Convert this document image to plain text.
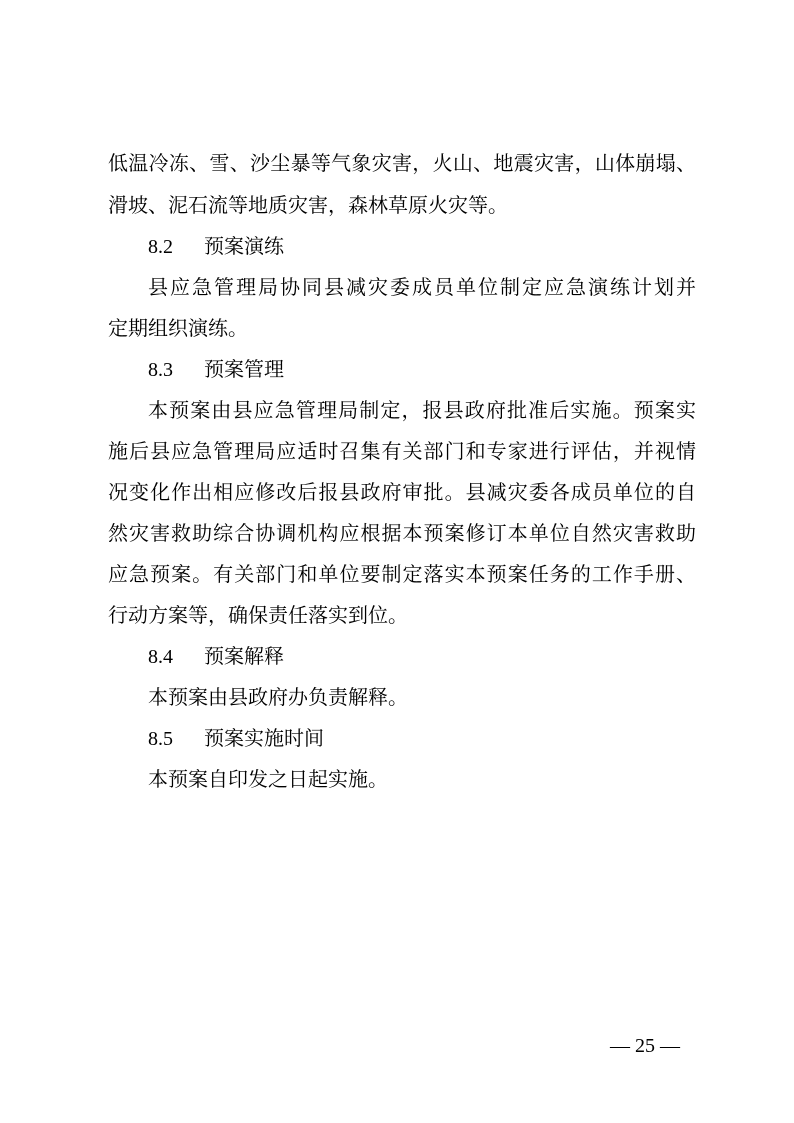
低温冷冻、雪、沙尘暴等气象灾害，火山、地震灾害，山体崩塌、
滑坡、泥石流等地质灾害，森林草原火灾等。
8.2 预案演练
县应急管理局协同县减灾委成员单位制定应急演练计划并
定期组织演练。
8.3 预案管理
本预案由县应急管理局制定，报县政府批准后实施。预案实
施后县应急管理局应适时召集有关部门和专家进行评估，并视情
况变化作出相应修改后报县政府审批。县减灾委各成员单位的自
然灾害救助综合协调机构应根据本预案修订本单位自然灾害救助
应急预案。有关部门和单位要制定落实本预案任务的工作手册、
行动方案等，确保责任落实到位。
8.4 预案解释
本预案由县政府办负责解释。
8.5 预案实施时间
本预案自印发之日起实施。
— 25 —
